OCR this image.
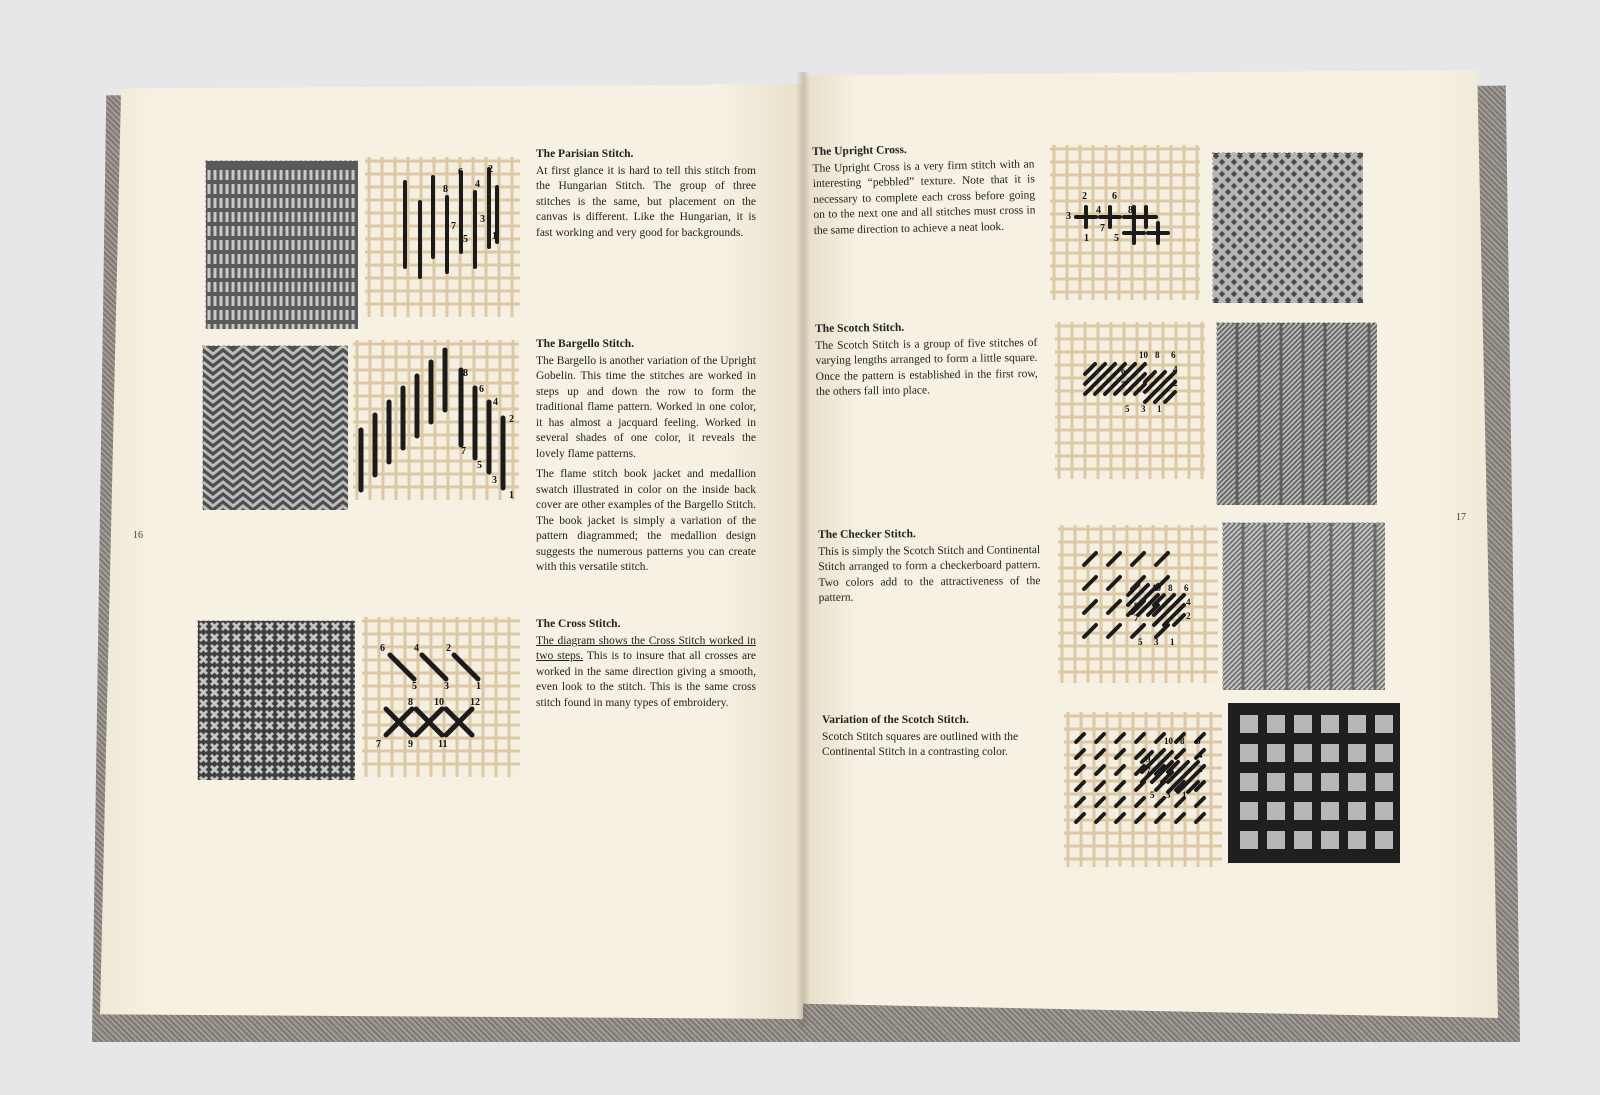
16
17
8
6
4
2
7
5
3
1
The Parisian Stitch.

At first glance it is hard to tell this stitch from the Hungarian Stitch. The group of three stitches is the same, but placement on the canvas is different. Like the Hungarian, it is fast working and very good for backgrounds.

8
6
4
2
7
5
3
1
The Bargello Stitch.

The Bargello is another variation of the Upright Gobelin. This time the stitches are worked in steps up and down the row to form the traditional flame pattern. Worked in one color, it has almost a jacquard feeling. Worked in several shades of one color, it reveals the lovely flame patterns.

The flame stitch book jacket and medallion swatch illustrated in color on the inside back cover are other examples of the Bargello Stitch. The book jacket is simply a variation of the pattern diagrammed; the medallion design suggests the numerous patterns you can create with this versatile stitch.

6	4	2
5	3	1
8 10	12
7	9	11
The Cross Stitch.

The diagram shows the Cross Stitch worked in two steps. This is to insure that all crosses are worked in the same direction giving a smooth, even look to the stitch. This is the same cross stitch found in many types of embroidery.

The Upright Cross.

The Upright Cross is a very firm stitch with an interesting “pebbled” texture. Note that it is necessary to complete each cross before going on to the next one and all stitches must cross in the same direction to achieve a neat look.

2	6
3
4
7
8
1	5
The Scotch Stitch.

The Scotch Stitch is a group of five stitches of varying lengths arranged to form a little square. Once the pattern is established in the first row, the others fall into place.

10 8 6
9	4
7	2
5 3 1
The Checker Stitch.

This is simply the Scotch Stitch and Continental Stitch arranged to form a checkerboard pattern. Two colors add to the attractiveness of the pattern.

10 8 6
9	4
7	2
5 3 1
Variation of the Scotch Stitch.

Scotch Stitch squares are outlined with the Continental Stitch in a contrasting color.

10 8 6
9	4
7	2
5 3 1
